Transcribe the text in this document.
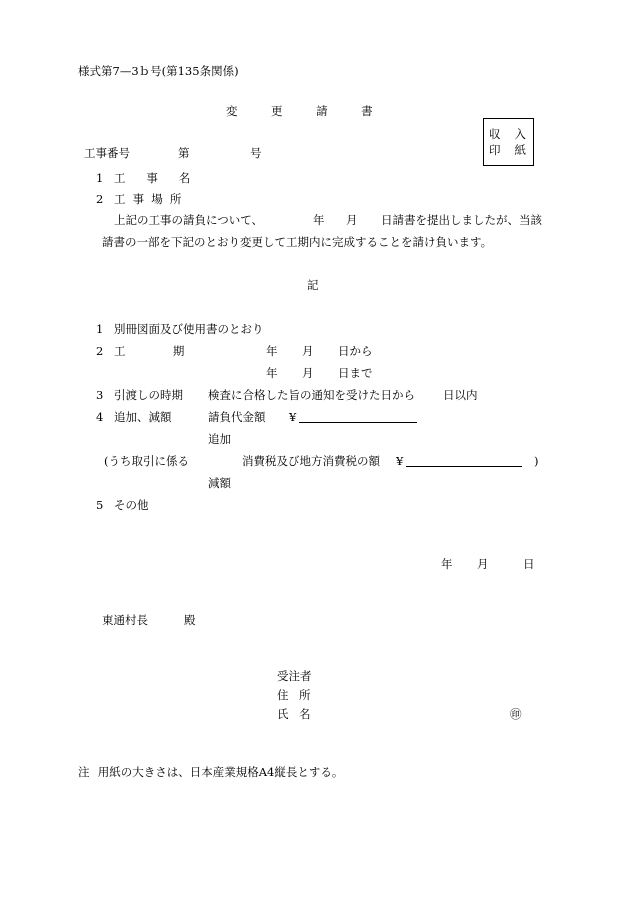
様式第7—3ｂ号(第135条関係)
変 更 請 書
収 入
印 紙
工事番号	第	号
1 工 事 名
2 工 事 場 所
上記の工事の請負について、	年 月 日請書を提出しましたが、当該
請書の一部を下記のとおり変更して工期内に完成することを請け負います。
記
1 別冊図面及び使用書のとおり
2 工 期	年 月 日から
年 月 日まで
3 引渡しの時期 検査に合格した旨の通知を受けた日から 日以内
4 追加、減額	請負代金額 ¥
追加
(うち取引に係る	消費税及び地方消費税の額 ¥	)
減額
5 その他
年 月	日
東通村長	殿
受注者
住 所
氏 名	㊞
注 用紙の大きさは、日本産業規格A4縦長とする。
